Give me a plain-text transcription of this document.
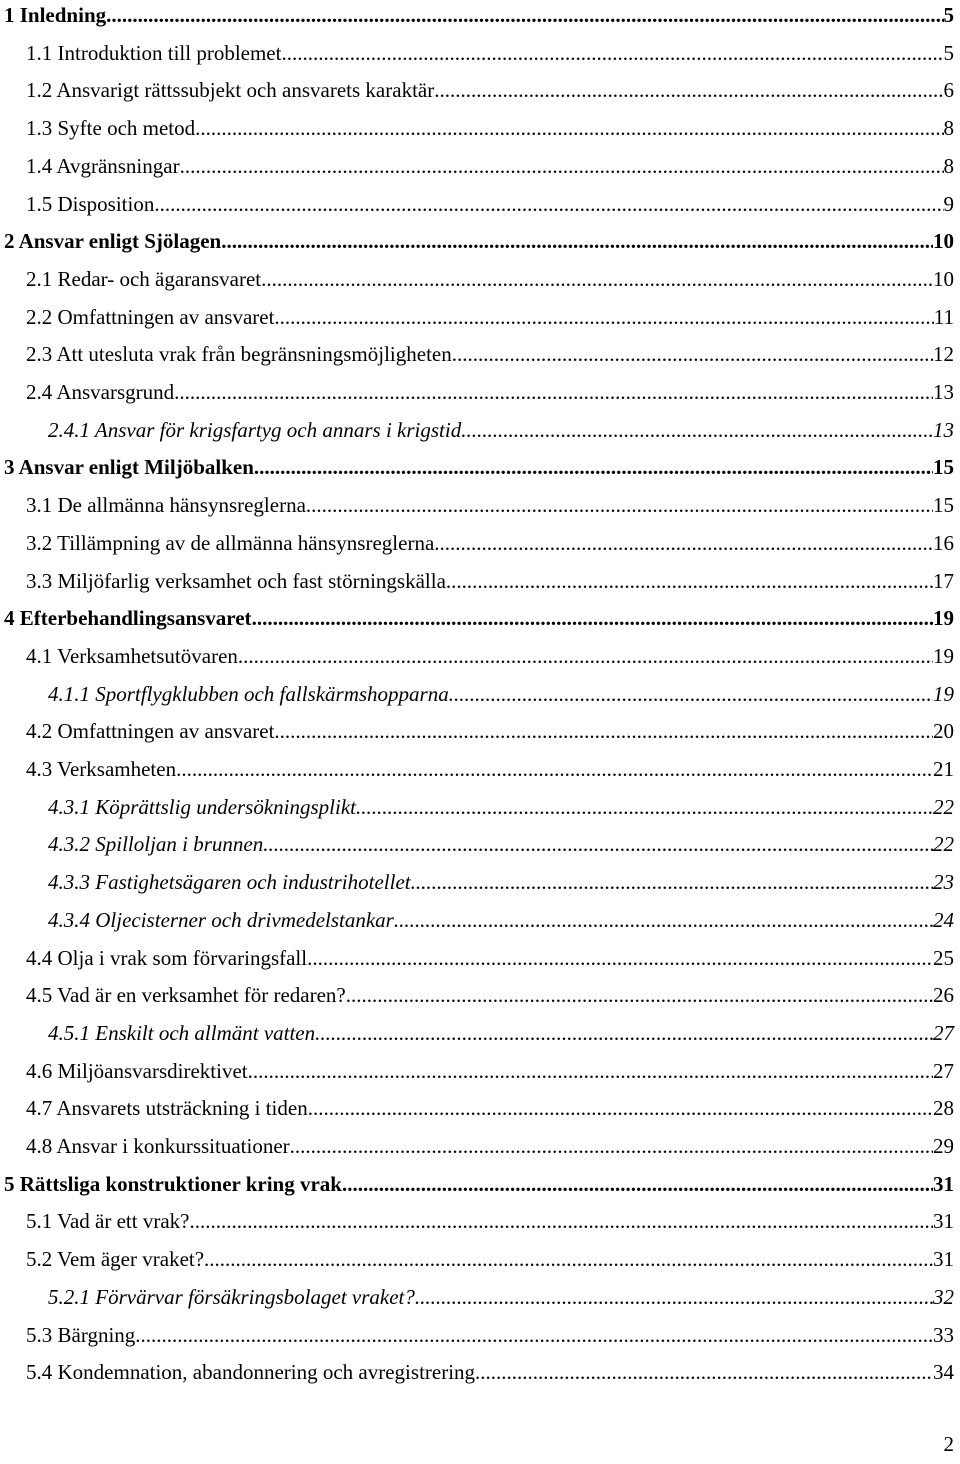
1 Inledning .....	5
1.1 Introduktion till problemet .....	5
1.2 Ansvarigt rättssubjekt och ansvarets karaktär .....	6
1.3 Syfte och metod .....	8
1.4 Avgränsningar .....	8
1.5 Disposition .....	9
2 Ansvar enligt Sjölagen .....	10
2.1 Redar- och ägaransvaret .....	10
2.2 Omfattningen av ansvaret .....	11
2.3 Att utesluta vrak från begränsningsmöjligheten .....	12
2.4 Ansvarsgrund .....	13
2.4.1 Ansvar för krigsfartyg och annars i krigstid .....	13
3 Ansvar enligt Miljöbalken .....	15
3.1 De allmänna hänsynsreglerna .....	15
3.2 Tillämpning av de allmänna hänsynsreglerna .....	16
3.3 Miljöfarlig verksamhet och fast störningskälla .....	17
4 Efterbehandlingsansvaret .....	19
4.1 Verksamhetsutövaren .....	19
4.1.1 Sportflygklubben och fallskärmshopparna .....	19
4.2 Omfattningen av ansvaret .....	20
4.3 Verksamheten .....	21
4.3.1 Köprättslig undersökningsplikt .....	22
4.3.2 Spilloljan i brunnen .....	22
4.3.3 Fastighetsägaren och industrihotellet .....	23
4.3.4 Oljecisterner och drivmedelstankar .....	24
4.4 Olja i vrak som förvaringsfall .....	25
4.5 Vad är en verksamhet för redaren? .....	26
4.5.1 Enskilt och allmänt vatten .....	27
4.6 Miljöansvarsdirektivet .....	27
4.7 Ansvarets utsträckning i tiden .....	28
4.8 Ansvar i konkurssituationer .....	29
5 Rättsliga konstruktioner kring vrak .....	31
5.1 Vad är ett vrak? .....	31
5.2 Vem äger vraket? .....	31
5.2.1 Förvärvar försäkringsbolaget vraket? .....	32
5.3 Bärgning .....	33
5.4 Kondemnation, abandonnering och avregistrering .....	34
2
